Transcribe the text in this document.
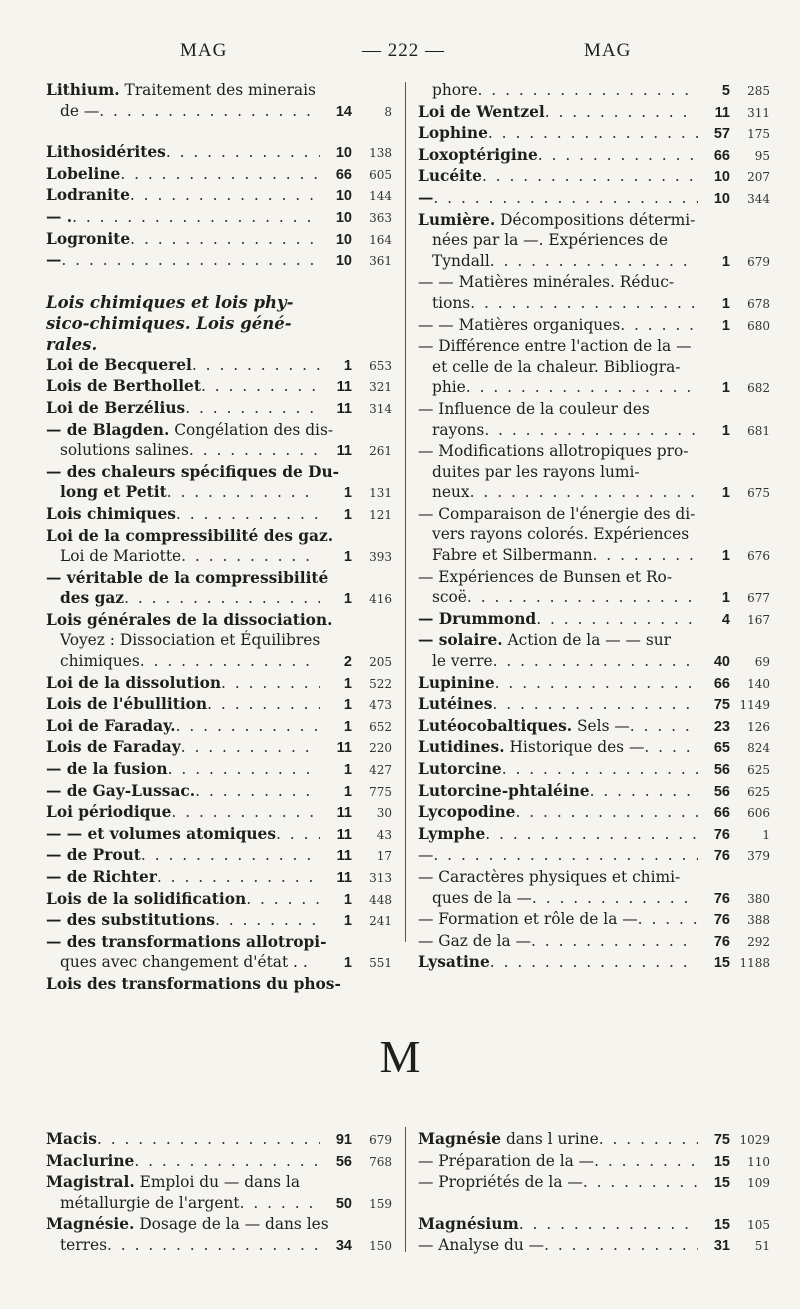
MAG	— 222 —	MAG
Lithium. Traitement des minerais
de — . . .	14	8
Lithosidérites . . .	10	138
Lobeline . . .	66	605
Lodranite . . .	10	144
— . . . .	10	363
Logronite . . .	10	164
— . . .	10	361
Lois chimiques et lois phy-
sico-chimiques. Lois géné-
rales.
Loi de Becquerel . . .	1	653
Lois de Berthollet . . .	11	321
Loi de Berzélius . . .	11	314
— de Blagden. Congélation des dis-
solutions salines . . .	11	261
— des chaleurs spécifiques de Du-
long et Petit . . .	1	131
Lois chimiques . . .	1	121
Loi de la compressibilité des gaz.
Loi de Mariotte . . .	1	393
— véritable de la compressibilité
des gaz . . .	1	416
Lois générales de la dissociation.
Voyez : Dissociation et Équilibres
chimiques . . .	2	205
Loi de la dissolution . . .	1	522
Lois de l'ébullition . . .	1	473
Loi de Faraday. . . .	1	652
Lois de Faraday . . .	11	220
— de la fusion . . .	1	427
— de Gay-Lussac. . . .	1	775
Loi périodique . . .	11	30
— — et volumes atomiques . . .	11	43
— de Prout . . .	11	17
— de Richter . . .	11	313
Lois de la solidification . . .	1	448
— des substitutions . . .	1	241
— des transformations allotropi-
ques avec changement d'état . .	1	551
Lois des transformations du phos-
phore . . .	5	285
Loi de Wentzel . . .	11	311
Lophine . . .	57	175
Loxoptérigine . . .	66	95
Lucéite . . .	10	207
— . . .	10	344
Lumière. Décompositions détermi-
nées par la —. Expériences de
Tyndall . . .	1	679
— — Matières minérales. Réduc-
tions . . .	1	678
— — Matières organiques . . .	1	680
— Différence entre l'action de la —
et celle de la chaleur. Bibliogra-
phie . . .	1	682
— Influence de la couleur des
rayons . . .	1	681
— Modifications allotropiques pro-
duites par les rayons lumi-
neux . . .	1	675
— Comparaison de l'énergie des di-
vers rayons colorés. Expériences
Fabre et Silbermann . . .	1	676
— Expériences de Bunsen et Ro-
scoë . . .	1	677
— Drummond . . .	4	167
— solaire. Action de la — — sur
le verre . . .	40	69
Lupinine . . .	66	140
Lutéines . . .	75 1149
Lutéocobaltiques. Sels — . . .	23	126
Lutidines. Historique des — . . .	65	824
Lutorcine . . .	56	625
Lutorcine-phtaléine . . .	56	625
Lycopodine . . .	66	606
Lymphe . . .	76	1
— . . .	76	379
— Caractères physiques et chimi-
ques de la — . . .	76	380
— Formation et rôle de la — . . .	76	388
— Gaz de la — . . .	76	292
Lysatine . . .	15 1188
M
Macis . . .	91	679
Maclurine . . .	56	768
Magistral. Emploi du — dans la
métallurgie de l'argent . . .	50	159
Magnésie. Dosage de la — dans les
terres . . .	34	150
Magnésie dans l urine . . .	75 1029
— Préparation de la — . . .	15	110
— Propriétés de la — . . .	15	109
Magnésium . . .	15	105
— Analyse du — . . .	31	51
